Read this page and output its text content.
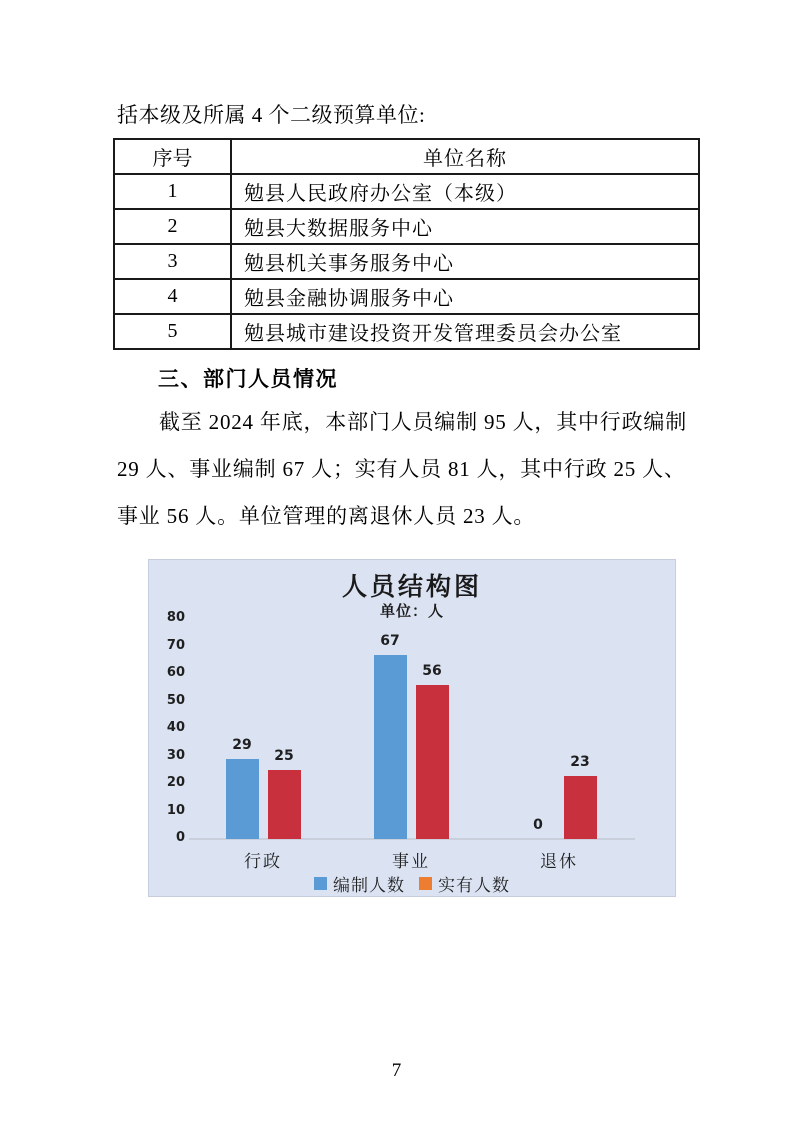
括本级及所属 4 个二级预算单位:
序号	单位名称
1	勉县人民政府办公室（本级）
2	勉县大数据服务中心
3	勉县机关事务服务中心
4	勉县金融协调服务中心
5	勉县城市建设投资开发管理委员会办公室
三、部门人员情况
截至 2024 年底，本部门人员编制 95 人，其中行政编制
29 人、事业编制 67 人；实有人员 81 人，其中行政 25 人、
事业 56 人。单位管理的离退休人员 23 人。
人员结构图
单位：人
0
10
20
30
40
50
60
70
80
行政
29
25
事业
67
56
退休
0
23
编制人数 实有人数
7
